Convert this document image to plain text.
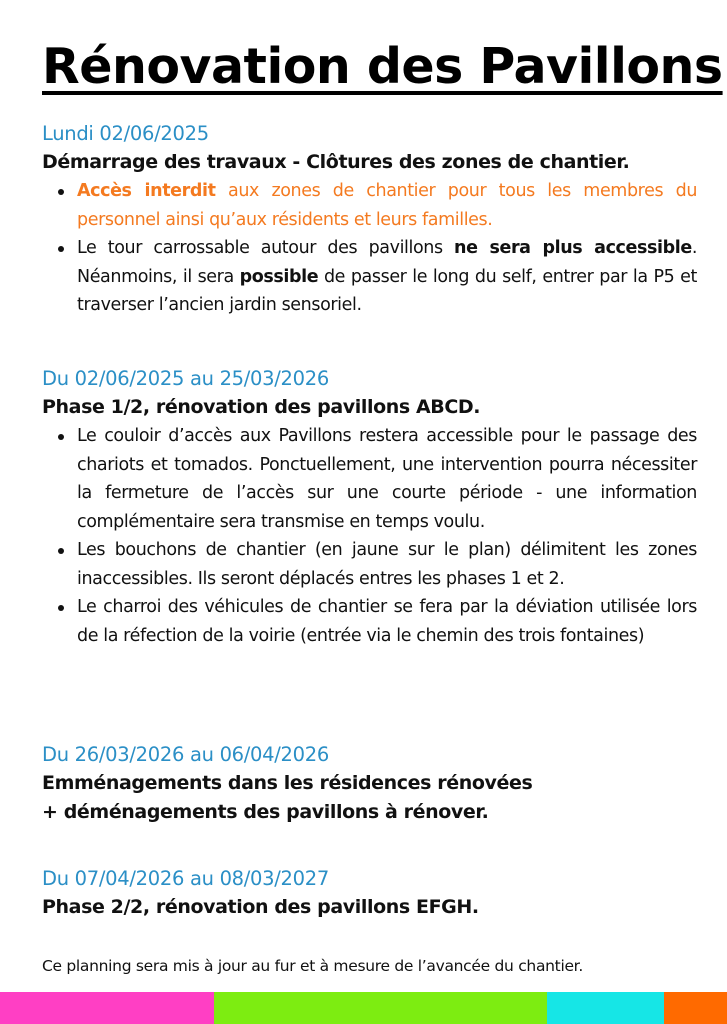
Rénovation des Pavillons
Lundi 02/06/2025
Démarrage des travaux - Clôtures des zones de chantier.
Accès interdit aux zones de chantier pour tous les membres du personnel ainsi qu’aux résidents et leurs familles.
Le tour carrossable autour des pavillons ne sera plus accessible. Néanmoins, il sera possible de passer le long du self, entrer par la P5 et traverser l’ancien jardin sensoriel.
Du 02/06/2025 au 25/03/2026
Phase 1/2, rénovation des pavillons ABCD.
Le couloir d’accès aux Pavillons restera accessible pour le passage des chariots et tomados. Ponctuellement, une intervention pourra nécessiter la fermeture de l’accès sur une courte période - une information complémentaire sera transmise en temps voulu.
Les bouchons de chantier (en jaune sur le plan) délimitent les zones inaccessibles. Ils seront déplacés entres les phases 1 et 2.
Le charroi des véhicules de chantier se fera par la déviation utilisée lors de la réfection de la voirie (entrée via le chemin des trois fontaines)
Du 26/03/2026 au 06/04/2026
Emménagements dans les résidences rénovées
+ déménagements des pavillons à rénover.
Du 07/04/2026 au 08/03/2027
Phase 2/2, rénovation des pavillons EFGH.
Ce planning sera mis à jour au fur et à mesure de l’avancée du chantier.
